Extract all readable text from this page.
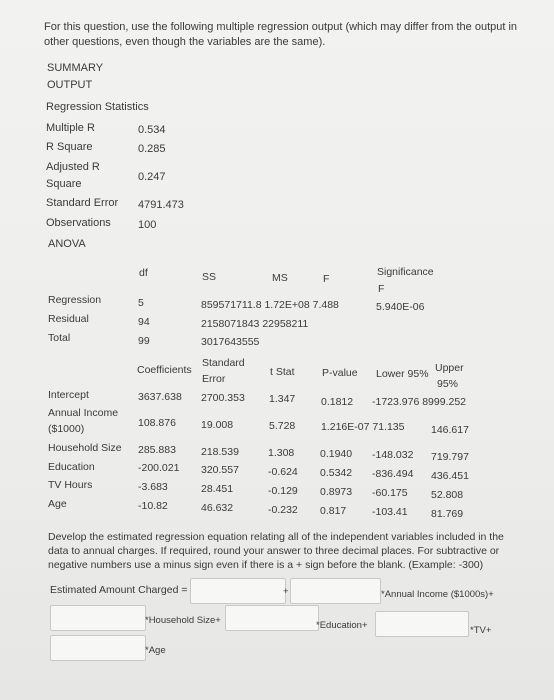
For this question, use the following multiple regression output (which may differ from the output in other questions, even though the variables are the same).
SUMMARY
OUTPUT
Regression Statistics
Multiple R	0.534
R Square	0.285
Adjusted R
Square
0.247
Standard Error 4791.473
Observations 100
ANOVA
df	SS	MS	F
Significance
F
Regression	5	859571711.8 1.72E+08 7.488	5.940E-06
Residual	94	2158071843 22958211
Total	99	3017643555
Coefficients
Standard
Error
t Stat	P-value Lower 95% Upper
95%
Intercept	3637.638 2700.353 1.347 0.1812 -1723.976 8999.252
Annual Income
($1000)	108.876 19.008	5.728 1.216E-07 71.135	146.617
Household Size 285.883 218.539	1.308 0.1940 -148.032 719.797
Education	-200.021 320.557	-0.624 0.5342 -836.494 436.451
TV Hours	-3.683	28.451	-0.129 0.8973 -60.175 52.808
Age	-10.82	46.632	-0.232 0.817 -103.41 81.769
Develop the estimated regression equation relating all of the independent variables included in the data to annual charges. If required, round your answer to three decimal places. For subtractive or negative numbers use a minus sign even if there is a + sign before the blank. (Example: -300)
Estimated Amount Charged =	+	*Annual Income ($1000s)+
*Household Size+	*Education+	*TV+
*Age
